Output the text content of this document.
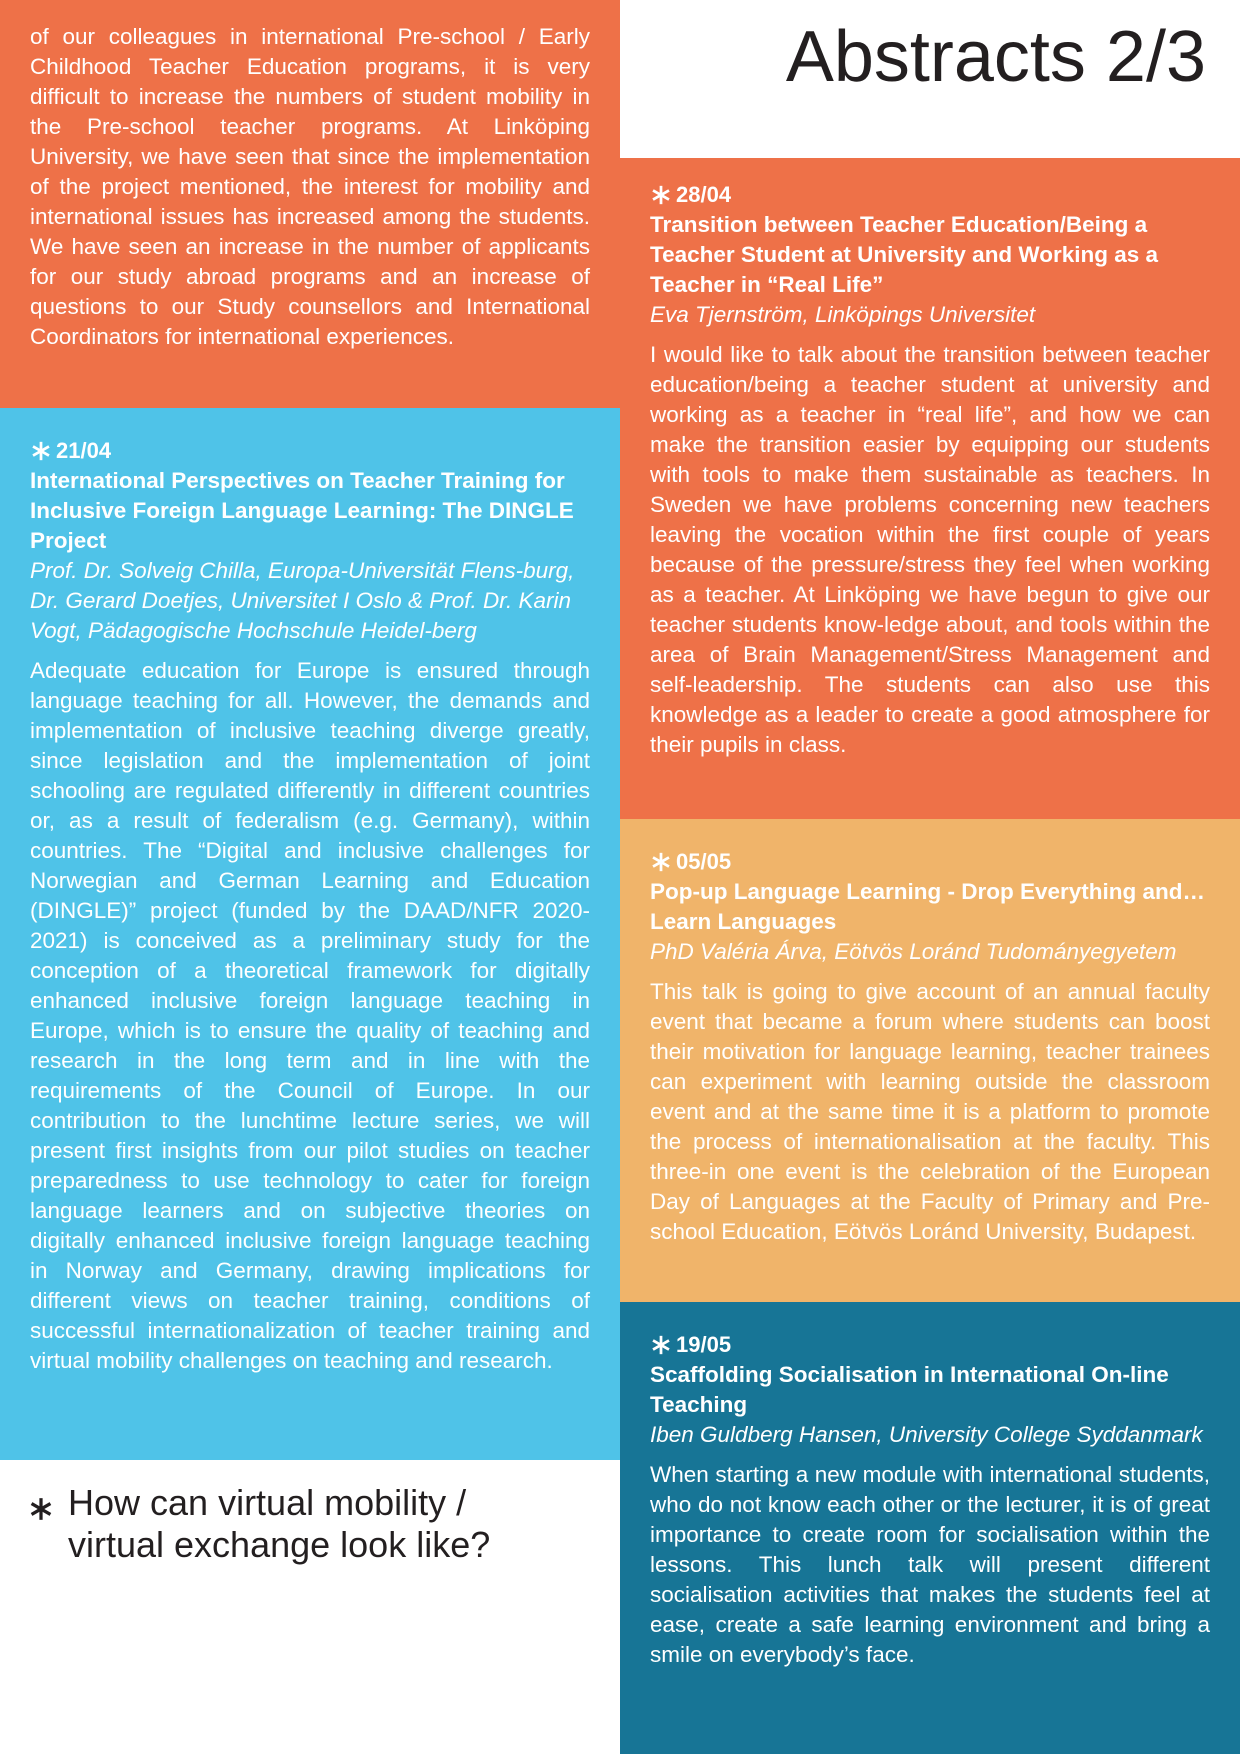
of our colleagues in international Pre-school / Early Childhood Teacher Education programs, it is very difficult to increase the numbers of student mobility in the Pre-school teacher programs. At Linköping University, we have seen that since the implementation of the project mentioned, the interest for mobility and international issues has increased among the students. We have seen an increase in the number of applicants for our study abroad programs and an increase of questions to our Study counsellors and International Coordinators for international experiences.

21/04

International Perspectives on Teacher Training for Inclusive Foreign Language Learning: The DINGLE Project

Prof. Dr. Solveig Chilla, Europa-Universität Flens-burg, Dr. Gerard Doetjes, Universitet I Oslo & Prof. Dr. Karin Vogt, Pädagogische Hochschule Heidel-berg

Adequate education for Europe is ensured through language teaching for all. However, the demands and implementation of inclusive teaching diverge greatly, since legislation and the implementation of joint schooling are regulated differently in different countries or, as a result of federalism (e.g. Germany), within countries. The “Digital and inclusive challenges for Norwegian and German Learning and Education (DINGLE)” project (funded by the DAAD/NFR 2020-2021) is conceived as a preliminary study for the conception of a theoretical framework for digitally enhanced inclusive foreign language teaching in Europe, which is to ensure the quality of teaching and research in the long term and in line with the requirements of the Council of Europe. In our contribution to the lunchtime lecture series, we will present first insights from our pilot studies on teacher preparedness to use technology to cater for foreign language learners and on subjective theories on digitally enhanced inclusive foreign language teaching in Norway and Germany, drawing implications for different views on teacher training, conditions of successful internationalization of teacher training and virtual mobility challenges on teaching and research.

Abstracts 2/3
28/04

Transition between Teacher Education/Being a Teacher Student at University and Working as a Teacher in “Real Life”

Eva Tjernström, Linköpings Universitet

I would like to talk about the transition between teacher education/being a teacher student at university and working as a teacher in “real life”, and how we can make the transition easier by equipping our students with tools to make them sustainable as teachers. In Sweden we have problems concerning new teachers leaving the vocation within the first couple of years because of the pressure/stress they feel when working as a teacher. At Linköping we have begun to give our teacher students know-ledge about, and tools within the area of Brain Management/Stress Management and self-leadership. The students can also use this knowledge as a leader to create a good atmosphere for their pupils in class.

05/05

Pop-up Language Learning - Drop Everything and…Learn Languages

PhD Valéria Árva, Eötvös Loránd Tudományegyetem

This talk is going to give account of an annual faculty event that became a forum where students can boost their motivation for language learning, teacher trainees can experiment with learning outside the classroom event and at the same time it is a platform to promote the process of internationalisation at the faculty. This three-in one event is the celebration of the European Day of Languages at the Faculty of Primary and Pre-school Education, Eötvös Loránd University, Budapest.

19/05

Scaffolding Socialisation in International On-line Teaching

Iben Guldberg Hansen, University College Syddanmark

When starting a new module with international students, who do not know each other or the lecturer, it is of great importance to create room for socialisation within the lessons. This lunch talk will present different socialisation activities that makes the students feel at ease, create a safe learning environment and bring a smile on everybody’s face.

How can virtual mobility /
virtual exchange look like?
